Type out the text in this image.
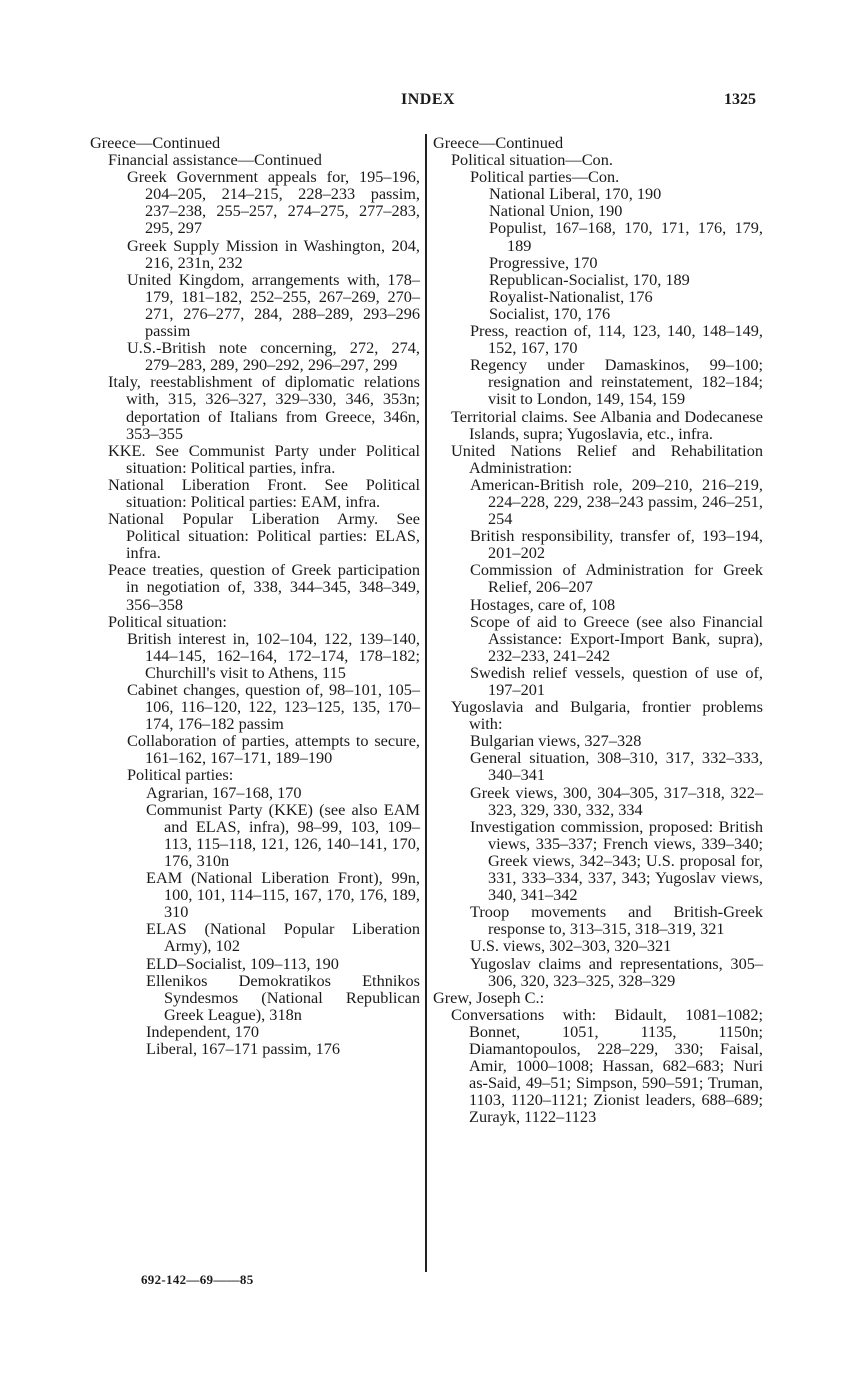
INDEX	1325

Greece—Continued

Financial assistance—Continued

Greek Government appeals for, 195–196, 204–205, 214–215, 228–233 passim, 237–238, 255–257, 274–275, 277–283, 295, 297

Greek Supply Mission in Washington, 204, 216, 231n, 232

United Kingdom, arrangements with, 178–179, 181–182, 252–255, 267–269, 270–271, 276–277, 284, 288–289, 293–296 passim

U.S.-British note concerning, 272, 274, 279–283, 289, 290–292, 296–297, 299

Italy, reestablishment of diplomatic relations with, 315, 326–327, 329–330, 346, 353n; deportation of Italians from Greece, 346n, 353–355

KKE. See Communist Party under Political situation: Political parties, infra.

National Liberation Front. See Political situation: Political parties: EAM, infra.

National Popular Liberation Army. See Political situation: Political parties: ELAS, infra.

Peace treaties, question of Greek participation in negotiation of, 338, 344–345, 348–349, 356–358

Political situation:

British interest in, 102–104, 122, 139–140, 144–145, 162–164, 172–174, 178–182; Churchill's visit to Athens, 115

Cabinet changes, question of, 98–101, 105–106, 116–120, 122, 123–125, 135, 170–174, 176–182 passim

Collaboration of parties, attempts to secure, 161–162, 167–171, 189–190

Political parties:

Agrarian, 167–168, 170

Communist Party (KKE) (see also EAM and ELAS, infra), 98–99, 103, 109–113, 115–118, 121, 126, 140–141, 170, 176, 310n

EAM (National Liberation Front), 99n, 100, 101, 114–115, 167, 170, 176, 189, 310

ELAS (National Popular Liberation Army), 102

ELD–Socialist, 109–113, 190

Ellenikos Demokratikos Ethnikos Syndesmos (National Republican Greek League), 318n

Independent, 170

Liberal, 167–171 passim, 176

Greece—Continued

Political situation—Con.

Political parties—Con.

National Liberal, 170, 190

National Union, 190

Populist, 167–168, 170, 171, 176, 179, 189

Progressive, 170

Republican-Socialist, 170, 189

Royalist-Nationalist, 176

Socialist, 170, 176

Press, reaction of, 114, 123, 140, 148–149, 152, 167, 170

Regency under Damaskinos, 99–100; resignation and reinstatement, 182–184; visit to London, 149, 154, 159

Territorial claims. See Albania and Dodecanese Islands, supra; Yugoslavia, etc., infra.

United Nations Relief and Rehabilitation Administration:

American-British role, 209–210, 216–219, 224–228, 229, 238–243 passim, 246–251, 254

British responsibility, transfer of, 193–194, 201–202

Commission of Administration for Greek Relief, 206–207

Hostages, care of, 108

Scope of aid to Greece (see also Financial Assistance: Export-Import Bank, supra), 232–233, 241–242

Swedish relief vessels, question of use of, 197–201

Yugoslavia and Bulgaria, frontier problems with:

Bulgarian views, 327–328

General situation, 308–310, 317, 332–333, 340–341

Greek views, 300, 304–305, 317–318, 322–323, 329, 330, 332, 334

Investigation commission, proposed: British views, 335–337; French views, 339–340; Greek views, 342–343; U.S. proposal for, 331, 333–334, 337, 343; Yugoslav views, 340, 341–342

Troop movements and British-Greek response to, 313–315, 318–319, 321

U.S. views, 302–303, 320–321

Yugoslav claims and representations, 305–306, 320, 323–325, 328–329

Grew, Joseph C.:

Conversations with: Bidault, 1081–1082; Bonnet, 1051, 1135, 1150n; Diamantopoulos, 228–229, 330; Faisal, Amir, 1000–1008; Hassan, 682–683; Nuri as-Said, 49–51; Simpson, 590–591; Truman, 1103, 1120–1121; Zionist leaders, 688–689; Zurayk, 1122–1123

692-142—69——85
